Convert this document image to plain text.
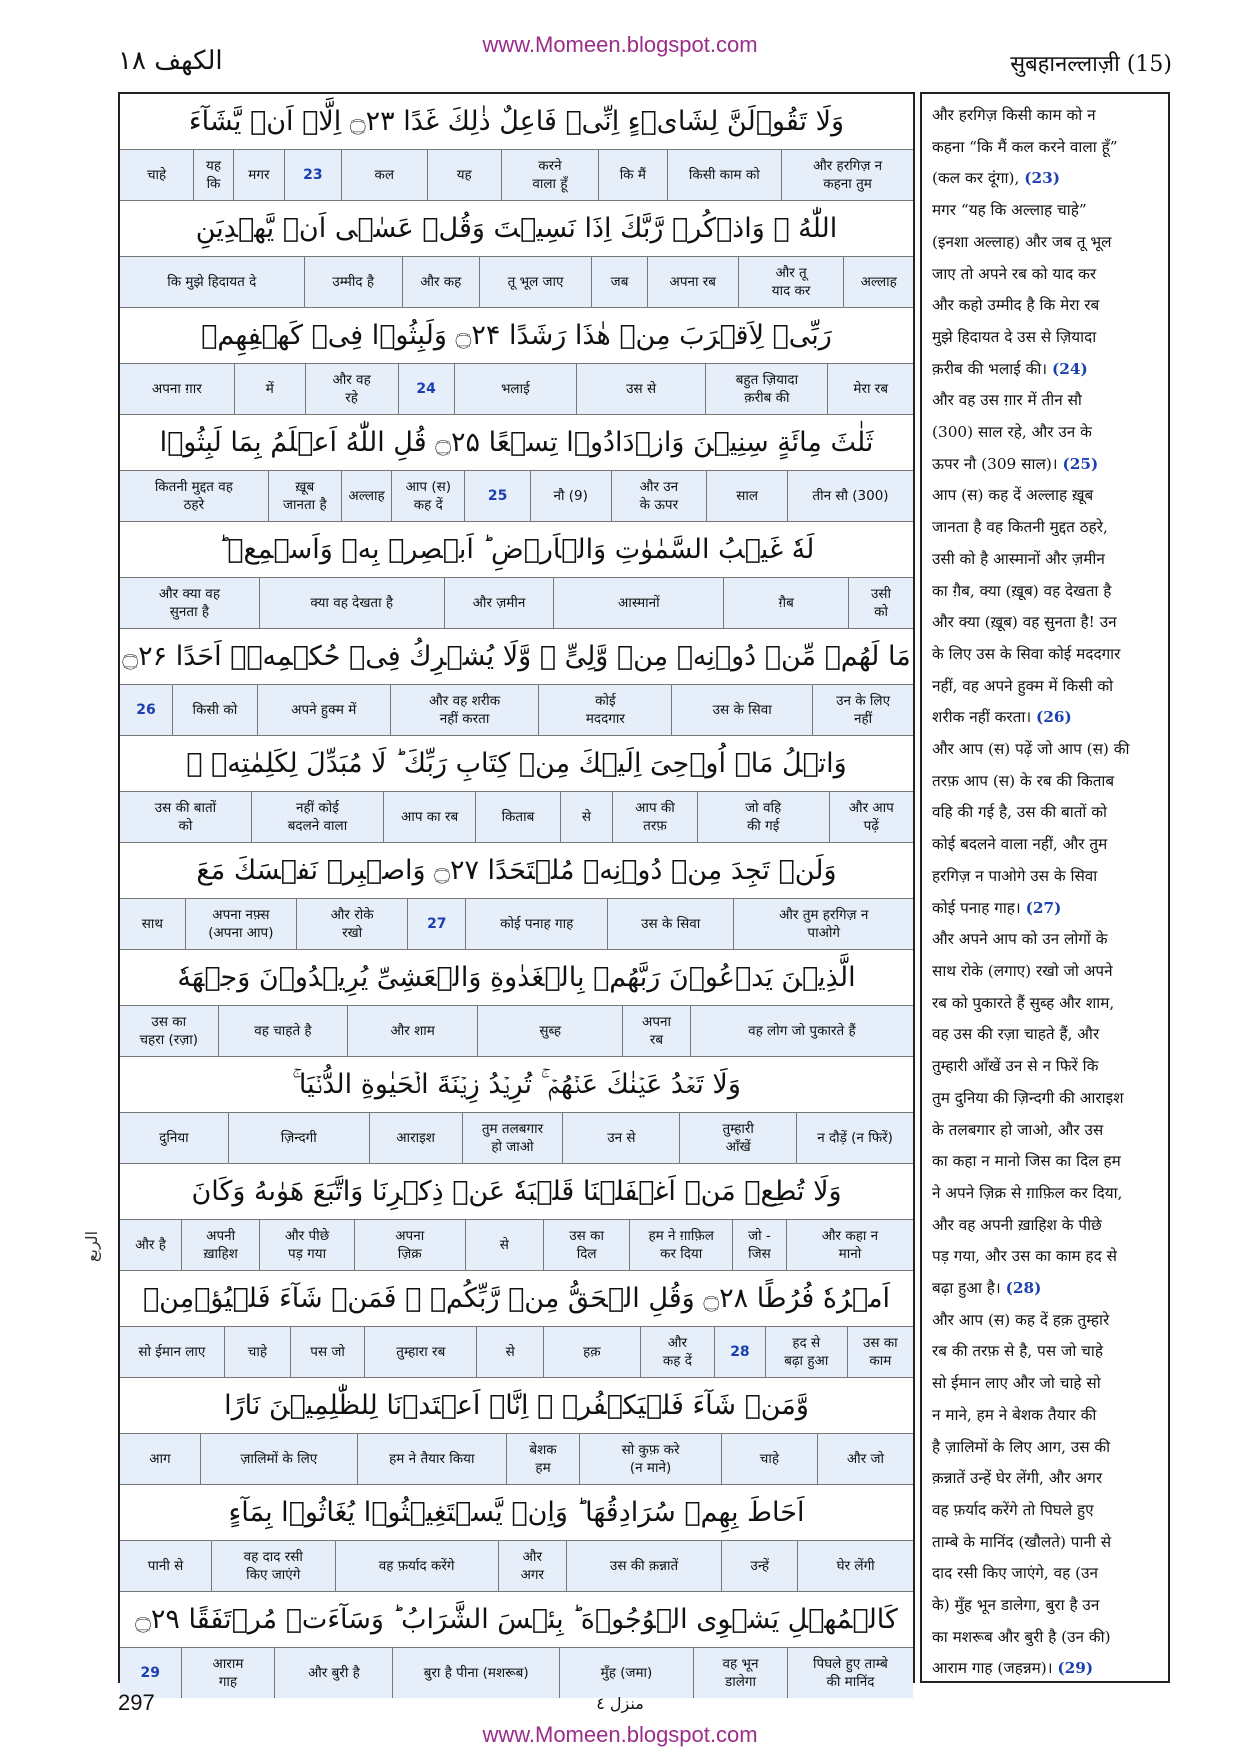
www.Momeen.blogspot.com
الكهف ١٨	सुबहानल्लाज़ी (15)
وَلَا تَقُوۡلَنَّ لِشَایۡءٍ اِنِّیۡ فَاعِلٌ ذٰلِكَ غَدًا ۝۲۳ اِلَّاۤ اَنۡ یَّشَآءَ
और हरगिज़ न
कहना तुम
किसी काम को
कि मैं
करने
वाला हूँ
यह
कल
23
मगर
यह
कि
चाहे
اللّٰهُ ۫ وَاذۡكُرۡ رَّبَّكَ اِذَا نَسِیۡتَ وَقُلۡ عَسٰۤی اَنۡ یَّهۡدِیَنِ
अल्लाह
और तू
याद कर
अपना रब
जब
तू भूल जाए
और कह
उम्मीद है
कि मुझे हिदायत दे
رَبِّیۡ لِاَقۡرَبَ مِنۡ هٰذَا رَشَدًا ۝۲۴ وَلَبِثُوۡا فِیۡ كَهۡفِهِمۡ
मेरा रब
बहुत ज़ियादा
क़रीब की
उस से
भलाई
24
और वह
रहे
में
अपना ग़ार
ثَلٰثَ مِائَةٍ سِنِیۡنَ وَازۡدَادُوۡا تِسۡعًا ۝۲۵ قُلِ اللّٰهُ اَعۡلَمُ بِمَا لَبِثُوۡا
तीन सौ (300)
साल
और उन
के ऊपर
नौ (9)
25
आप (स)
कह दें
अल्लाह
ख़ूब
जानता है
कितनी मुद्दत वह
ठहरे
لَهٗ غَیۡبُ السَّمٰوٰتِ وَالۡاَرۡضِ ؕ اَبۡصِرۡ بِهٖ وَاَسۡمِعۡ ؕ
उसी
को
ग़ैब
आस्मानों
और ज़मीन
क्या वह देखता है
और क्या वह
सुनता है
مَا لَهُمۡ مِّنۡ دُوۡنِهٖ مِنۡ وَّلِیٍّ ۫ وَّلَا یُشۡرِكُ فِیۡ حُكۡمِهٖۤ اَحَدًا ۝۲۶
उन के लिए
नहीं
उस के सिवा
कोई
मददगार
और वह शरीक
नहीं करता
अपने हुक्म में
किसी को
26
وَاتۡلُ مَاۤ اُوۡحِیَ اِلَیۡكَ مِنۡ كِتَابِ رَبِّكَ ؕ لَا مُبَدِّلَ لِكَلِمٰتِهٖ ۚ
और आप
पढ़ें
जो वहि
की गई
आप की
तरफ़
से
किताब
आप का रब
नहीं कोई
बदलने वाला
उस की बातों
को
وَلَنۡ تَجِدَ مِنۡ دُوۡنِهٖ مُلۡتَحَدًا ۝۲۷ وَاصۡبِرۡ نَفۡسَكَ مَعَ
और तुम हरगिज़ न
पाओगे
उस के सिवा
कोई पनाह गाह
27
और रोके
रखो
अपना नफ़्स
(अपना आप)
साथ
الَّذِیۡنَ یَدۡعُوۡنَ رَبَّهُمۡ بِالۡغَدٰوةِ وَالۡعَشِیِّ یُرِیۡدُوۡنَ وَجۡهَهٗ
वह लोग जो पुकारते हैं
अपना
रब
सुब्ह
और शाम
वह चाहते है
उस का
चहरा (रज़ा)
وَلَا تَعۡدُ عَیۡنٰكَ عَنۡهُمۡ ۚ تُرِیۡدُ زِیۡنَةَ الۡحَیٰوةِ الدُّنۡیَا ۚ
न दौड़ें (न फिरें)
तुम्हारी
आँखें
उन से
तुम तलबगार
हो जाओ
आराइश
ज़िन्दगी
दुनिया
وَلَا تُطِعۡ مَنۡ اَغۡفَلۡنَا قَلۡبَهٗ عَنۡ ذِكۡرِنَا وَاتَّبَعَ هَوٰىهُ وَكَانَ
और कहा न
मानो
जो -
जिस
हम ने ग़ाफ़िल
कर दिया
उस का
दिल
से
अपना
ज़िक्र
और पीछे
पड़ गया
अपनी
ख़ाहिश
और है
اَمۡرُهٗ فُرُطًا ۝۲۸ وَقُلِ الۡحَقُّ مِنۡ رَّبِّكُمۡ ۫ فَمَنۡ شَآءَ فَلۡیُؤۡمِنۡ
उस का
काम
हद से
बढ़ा हुआ
28
और
कह दें
हक़
से
तुम्हारा रब
पस जो
चाहे
सो ईमान लाए
وَّمَنۡ شَآءَ فَلۡیَكۡفُرۡ ۙ اِنَّاۤ اَعۡتَدۡنَا لِلظّٰلِمِیۡنَ نَارًا
और जो
चाहे
सो कुफ़ करे
(न माने)
बेशक
हम
हम ने तैयार किया
ज़ालिमों के लिए
आग
اَحَاطَ بِهِمۡ سُرَادِقُهَا ؕ وَاِنۡ یَّسۡتَغِیۡثُوۡا یُغَاثُوۡا بِمَآءٍ
घेर लेंगी
उन्हें
उस की क़न्नातें
और
अगर
वह फ़र्याद करेंगे
वह दाद रसी
किए जाएंगे
पानी से
كَالۡمُهۡلِ یَشۡوِی الۡوُجُوۡهَ ؕ بِئۡسَ الشَّرَابُ ؕ وَسَآءَتۡ مُرۡتَفَقًا ۝۲۹
पिघले हुए ताम्बे
की मानिंद
वह भून
डालेगा
मुँह (जमा)
बुरा है पीना (मशरूब)
और बुरी है
आराम
गाह
29
और हरगिज़ किसी काम को न
कहना “कि मैं कल करने वाला हूँ”
(कल कर दूंगा), (23)
मगर “यह कि अल्लाह चाहे”
(इनशा अल्लाह) और जब तू भूल
जाए तो अपने रब को याद कर
और कहो उम्मीद है कि मेरा रब
मुझे हिदायत दे उस से ज़ियादा
क़रीब की भलाई की। (24)
और वह उस ग़ार में तीन सौ
(300) साल रहे, और उन के
ऊपर नौ (309 साल)। (25)
आप (स) कह दें अल्लाह ख़ूब
जानता है वह कितनी मुद्दत ठहरे,
उसी को है आस्मानों और ज़मीन
का ग़ैब, क्या (ख़ूब) वह देखता है
और क्या (ख़ूब) वह सुनता है! उन
के लिए उस के सिवा कोई मददगार
नहीं, वह अपने हुक्म में किसी को
शरीक नहीं करता। (26)
और आप (स) पढ़ें जो आप (स) की
तरफ़ आप (स) के रब की किताब
वहि की गई है, उस की बातों को
कोई बदलने वाला नहीं, और तुम
हरगिज़ न पाओगे उस के सिवा
कोई पनाह गाह। (27)
और अपने आप को उन लोगों के
साथ रोके (लगाए) रखो जो अपने
रब को पुकारते हैं सुब्ह और शाम,
वह उस की रज़ा चाहते हैं, और
तुम्हारी आँखें उन से न फिरें कि
तुम दुनिया की ज़िन्दगी की आराइश
के तलबगार हो जाओ, और उस
का कहा न मानो जिस का दिल हम
ने अपने ज़िक्र से ग़ाफ़िल कर दिया,
और वह अपनी ख़ाहिश के पीछे
पड़ गया, और उस का काम हद से
बढ़ा हुआ है। (28)
और आप (स) कह दें हक़ तुम्हारे
रब की तरफ़ से है, पस जो चाहे
सो ईमान लाए और जो चाहे सो
न माने, हम ने बेशक तैयार की
है ज़ालिमों के लिए आग, उस की
क़न्नातें उन्हें घेर लेंगी, और अगर
वह फ़र्याद करेंगे तो पिघले हुए
ताम्बे के मानिंद (खौलते) पानी से
दाद रसी किए जाएंगे, वह (उन
के) मुँह भून डालेगा, बुरा है उन
का मशरूब और बुरी है (उन की)
आराम गाह (जहन्नम)। (29)
الربع
297	منزل ٤
www.Momeen.blogspot.com
